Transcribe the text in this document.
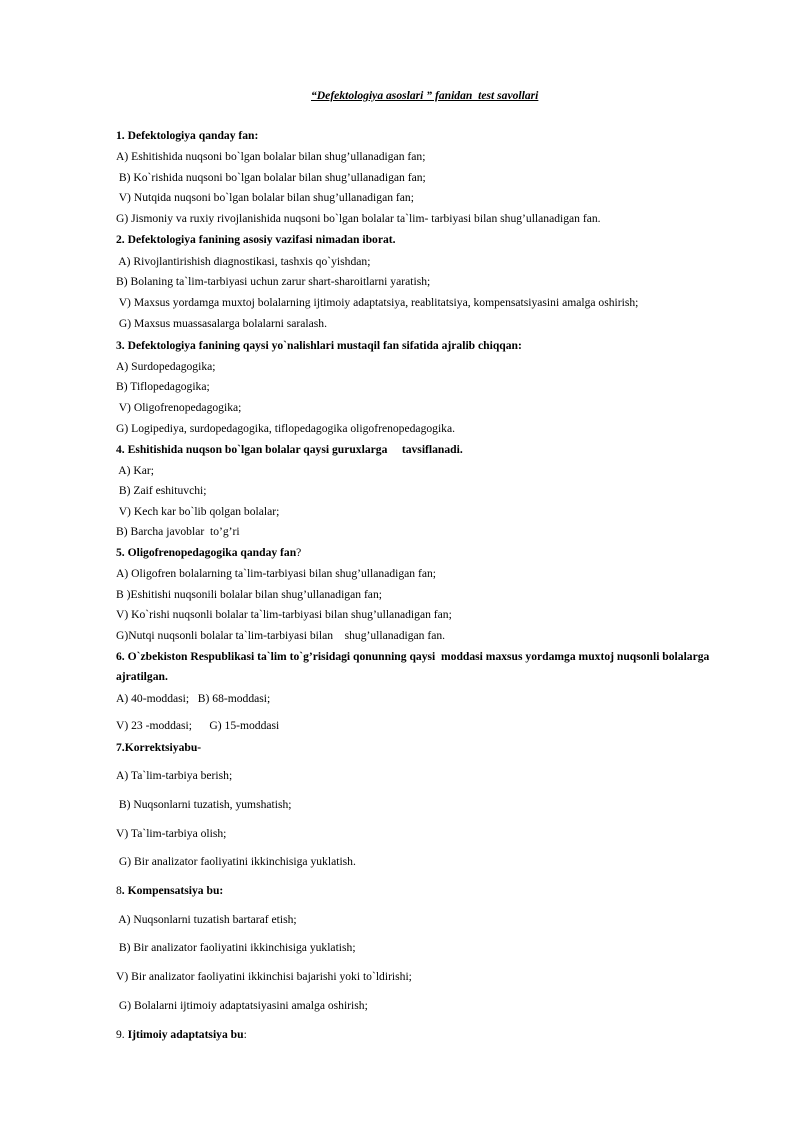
“Defektologiya asoslari ” fanidan  test savollari
1. Defektologiya qanday fan:
A) Eshitishida nuqsoni bo`lgan bolalar bilan shug’ullanadigan fan;
B) Ko`rishida nuqsoni bo`lgan bolalar bilan shug’ullanadigan fan;
V) Nutqida nuqsoni bo`lgan bolalar bilan shug’ullanadigan fan;
G) Jismoniy va ruxiy rivojlanishida nuqsoni bo`lgan bolalar ta`lim- tarbiyasi bilan shug’ullanadigan fan.
2. Defektologiya fanining asosiy vazifasi nimadan iborat.
A) Rivojlantirishish diagnostikasi, tashxis qo`yishdan;
B) Bolaning ta`lim-tarbiyasi uchun zarur shart-sharoitlarni yaratish;
V) Maxsus yordamga muxtoj bolalarning ijtimoiy adaptatsiya, reablitatsiya, kompensatsiyasini amalga oshirish;
G) Maxsus muassasalarga bolalarni saralash.
3. Defektologiya fanining qaysi yo`nalishlari mustaqil fan sifatida ajralib chiqqan:
A) Surdopedagogika;
B) Tiflopedagogika;
V) Oligofrenopedagogika;
G) Logipediya, surdopedagogika, tiflopedagogika oligofrenopedagogika.
4. Eshitishida nuqson bo`lgan bolalar qaysi guruxlarga     tavsiflanadi.
A) Kar;
B) Zaif eshituvchi;
V) Kech kar bo`lib qolgan bolalar;
B) Barcha javoblar  to’g’ri
5. Oligofrenopedagogika qanday fan?
A) Oligofren bolalarning ta`lim-tarbiyasi bilan shug’ullanadigan fan;
B )Eshitishi nuqsonili bolalar bilan shug’ullanadigan fan;
V) Ko`rishi nuqsonli bolalar ta`lim-tarbiyasi bilan shug’ullanadigan fan;
G)Nutqi nuqsonli bolalar ta`lim-tarbiyasi bilan    shug’ullanadigan fan.
6. O`zbekiston Respublikasi ta`lim to`g’risidagi qonunning qaysi  moddasi maxsus yordamga muxtoj nuqsonli bolalarga
ajratilgan.
A) 40-moddasi;   B) 68-moddasi;
V) 23 -moddasi;      G) 15-moddasi
7.Korrektsiyabu-
A) Ta`lim-tarbiya berish;
B) Nuqsonlarni tuzatish, yumshatish;
V) Ta`lim-tarbiya olish;
G) Bir analizator faoliyatini ikkinchisiga yuklatish.
8. Kompensatsiya bu:
A) Nuqsonlarni tuzatish bartaraf etish;
B) Bir analizator faoliyatini ikkinchisiga yuklatish;
V) Bir analizator faoliyatini ikkinchisi bajarishi yoki to`ldirishi;
G) Bolalarni ijtimoiy adaptatsiyasini amalga oshirish;
9. Ijtimoiy adaptatsiya bu:
